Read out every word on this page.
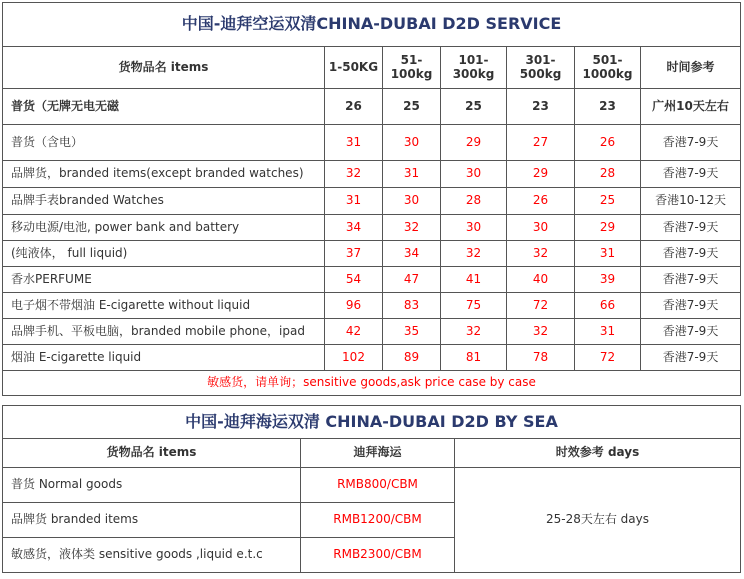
中国-迪拜空运双清CHINA-DUBAI D2D SERVICE						
货物品名 items	1-50KG	51-100kg	101-300kg	301-500kg	501-1000kg	时间参考
普货（无牌无电无磁	26	25	25	23	23	广州10天左右
普货（含电）	31	30	29	27	26	香港7-9天
品牌货，branded items(except branded watches)	32	31	30	29	28	香港7-9天
品牌手表branded Watches	31	30	28	26	25	香港10-12天
移动电源/电池, power bank and battery	34	32	30	30	29	香港7-9天
(纯液体， full liquid)	37	34	32	32	31	香港7-9天
香水PERFUME	54	47	41	40	39	香港7-9天
电子烟不带烟油 E-cigarette without liquid	96	83	75	72	66	香港7-9天
品牌手机、平板电脑，branded mobile phone，ipad	42	35	32	32	31	香港7-9天
烟油 E-cigarette liquid	102	89	81	78	72	香港7-9天
敏感货，请单询；sensitive goods,ask price case by case						
中国-迪拜海运双清 CHINA-DUBAI D2D BY SEA		
货物品名 items	迪拜海运	时效参考 days
普货 Normal goods	RMB800/CBM	25-28天左右 days
品牌货 branded items	RMB1200/CBM	
敏感货，液体类 sensitive goods ,liquid e.t.c	RMB2300/CBM	
